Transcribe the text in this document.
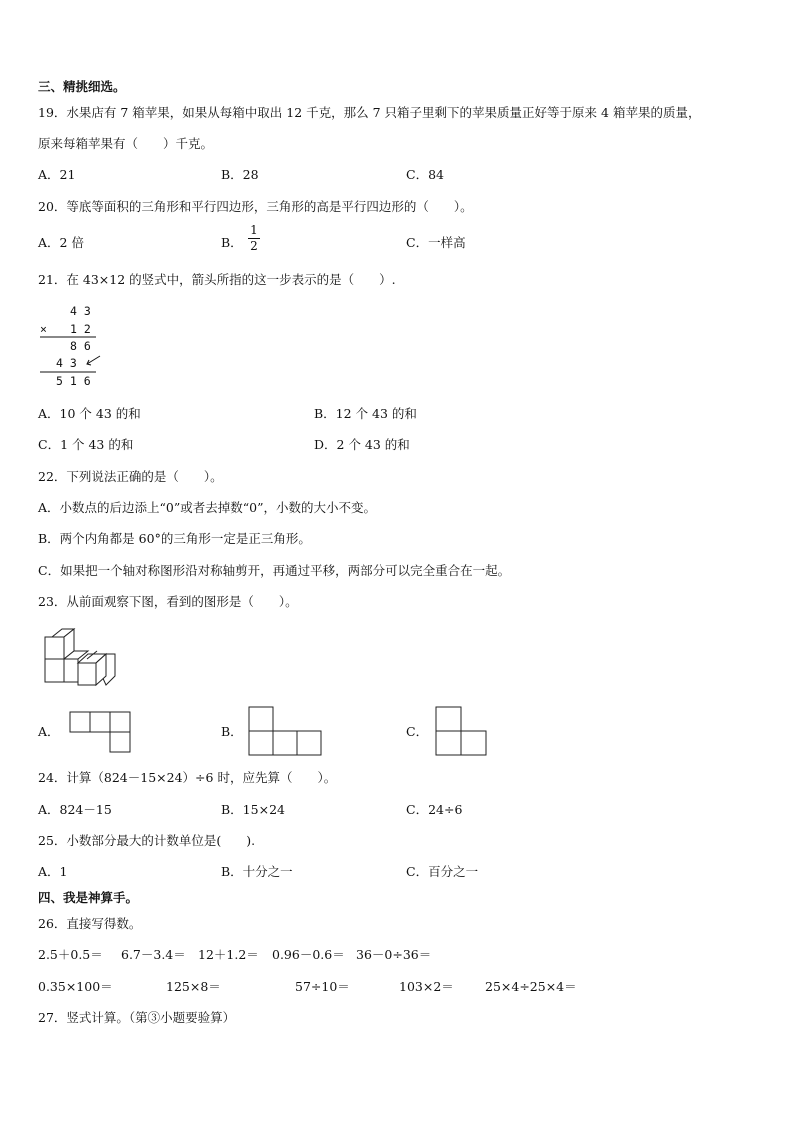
三、精挑细选。
19．水果店有 7 箱苹果，如果从每箱中取出 12 千克，那么 7 只箱子里剩下的苹果质量正好等于原来 4 箱苹果的质量，
原来每箱苹果有（　　）千克。
A．21	B．28	C．84
20．等底等面积的三角形和平行四边形，三角形的高是平行四边形的（　　）。
A．2 倍	B．
1
2	C．一样高
21．在 43×12 的竖式中，箭头所指的这一步表示的是（　　）.
4 3
× 1 2
8 6
4 3
5 1 6
A．10 个 43 的和	B．12 个 43 的和
C．1 个 43 的和	D．2 个 43 的和
22．下列说法正确的是（　　）。
A．小数点的后边添上“0”或者去掉数“0”，小数的大小不变。
B．两个内角都是 60°的三角形一定是正三角形。
C．如果把一个轴对称图形沿对称轴剪开，再通过平移，两部分可以完全重合在一起。
23．从前面观察下图，看到的图形是（　　）。
A．	B．	C．
24．计算（824－15×24）÷6 时，应先算（　　）。
A．824－15	B．15×24	C．24÷6
25．小数部分最大的计数单位是(　　).
A．1	B．十分之一	C．百分之一
四、我是神算手。
26．直接写得数。
2.5＋0.5＝ 6.7－3.4＝ 12＋1.2＝ 0.96－0.6＝ 36－0÷36＝
0.35×100＝	125×8＝	57÷10＝	103×2＝ 25×4÷25×4＝
27．竖式计算。（第③小题要验算）
